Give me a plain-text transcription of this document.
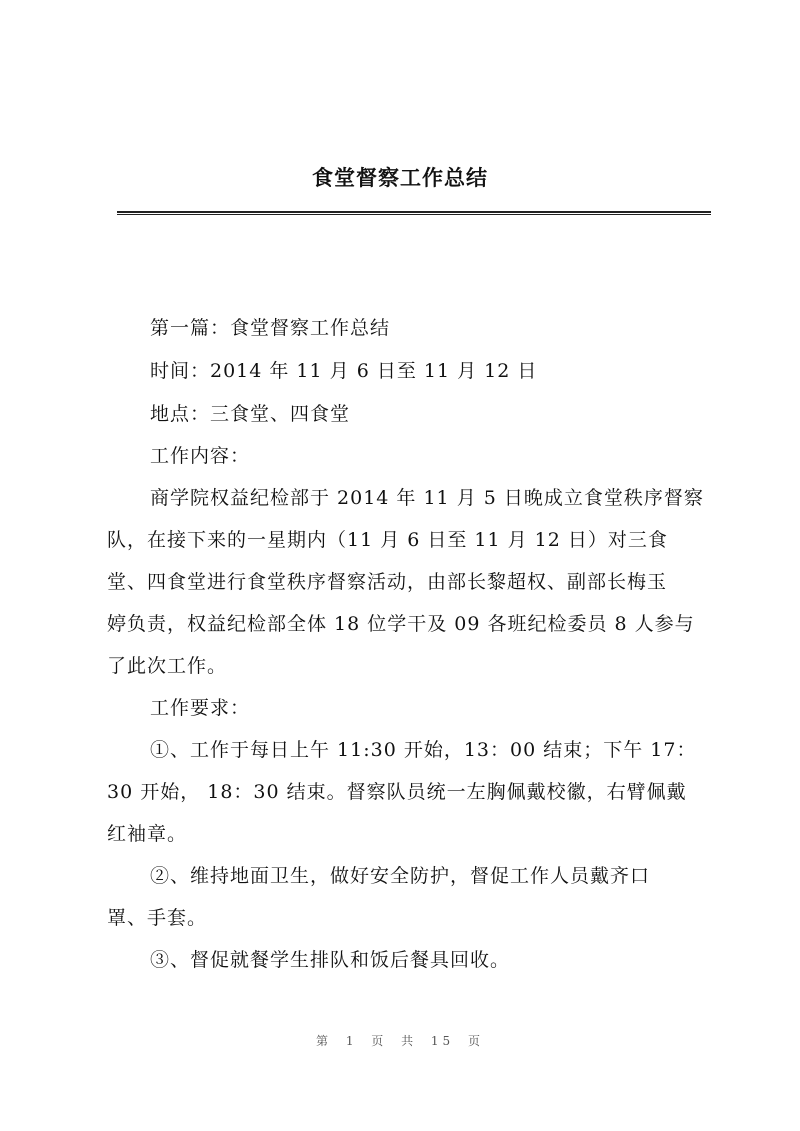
食堂督察工作总结
第一篇：食堂督察工作总结
时间：2014 年 11 月 6 日至 11 月 12 日
地点：三食堂、四食堂
工作内容：
商学院权益纪检部于 2014 年 11 月 5 日晚成立食堂秩序督察
队，在接下来的一星期内（11 月 6 日至 11 月 12 日）对三食
堂、四食堂进行食堂秩序督察活动，由部长黎超权、副部长梅玉
婷负责，权益纪检部全体 18 位学干及 09 各班纪检委员 8 人参与
了此次工作。
工作要求：
①、工作于每日上午 11:30 开始，13：00 结束；下午 17：
30 开始， 18：30 结束。督察队员统一左胸佩戴校徽，右臂佩戴
红袖章。
②、维持地面卫生，做好安全防护，督促工作人员戴齐口
罩、手套。
③、督促就餐学生排队和饭后餐具回收。
第 1 页 共 15 页
